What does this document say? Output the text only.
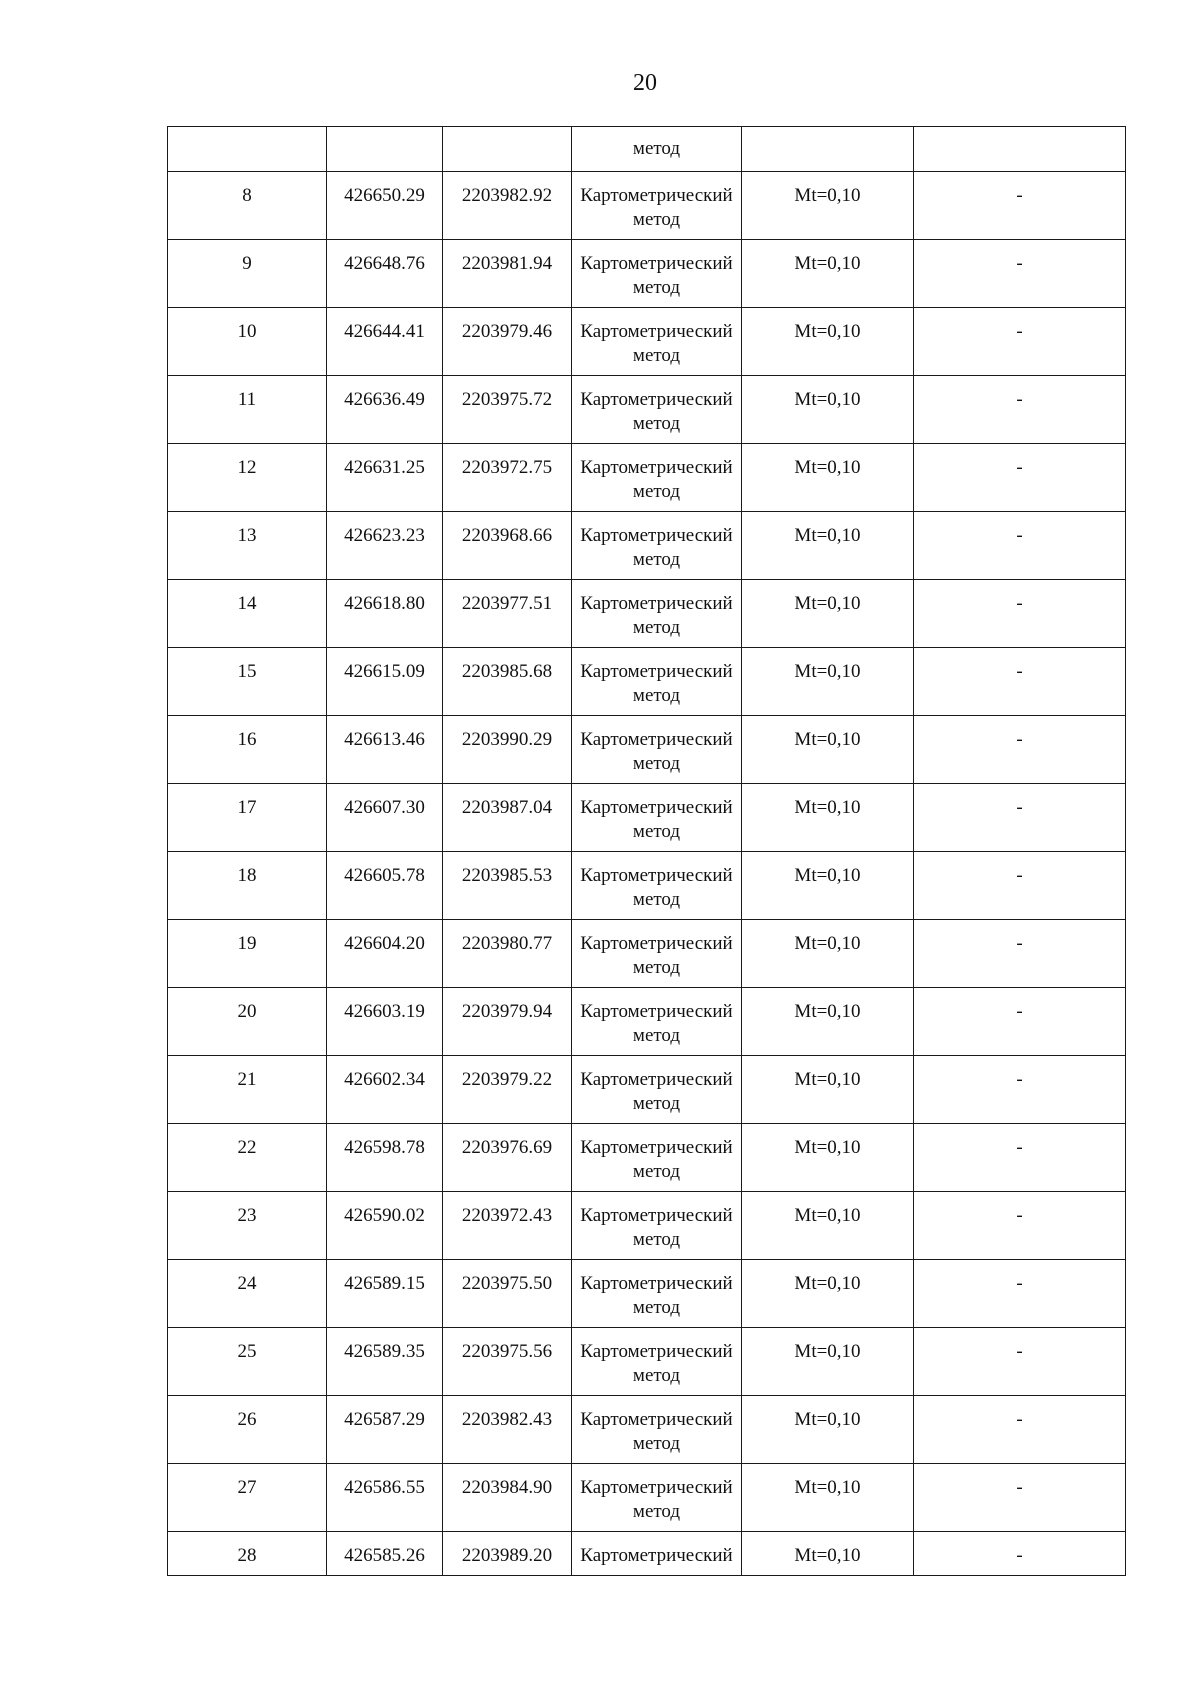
20

			метод		

8	426650.29	2203982.92	Картометрический
метод	Mt=0,10	-

9	426648.76	2203981.94	Картометрический
метод	Mt=0,10	-

10	426644.41	2203979.46	Картометрический
метод	Mt=0,10	-

11	426636.49	2203975.72	Картометрический
метод	Mt=0,10	-

12	426631.25	2203972.75	Картометрический
метод	Mt=0,10	-

13	426623.23	2203968.66	Картометрический
метод	Mt=0,10	-

14	426618.80	2203977.51	Картометрический
метод	Mt=0,10	-

15	426615.09	2203985.68	Картометрический
метод	Mt=0,10	-

16	426613.46	2203990.29	Картометрический
метод	Mt=0,10	-

17	426607.30	2203987.04	Картометрический
метод	Mt=0,10	-

18	426605.78	2203985.53	Картометрический
метод	Mt=0,10	-

19	426604.20	2203980.77	Картометрический
метод	Mt=0,10	-

20	426603.19	2203979.94	Картометрический
метод	Mt=0,10	-

21	426602.34	2203979.22	Картометрический
метод	Mt=0,10	-

22	426598.78	2203976.69	Картометрический
метод	Mt=0,10	-

23	426590.02	2203972.43	Картометрический
метод	Mt=0,10	-

24	426589.15	2203975.50	Картометрический
метод	Mt=0,10	-

25	426589.35	2203975.56	Картометрический
метод	Mt=0,10	-

26	426587.29	2203982.43	Картометрический
метод	Mt=0,10	-

27	426586.55	2203984.90	Картометрический
метод	Mt=0,10	-

28	426585.26	2203989.20	Картометрический	Mt=0,10	-
